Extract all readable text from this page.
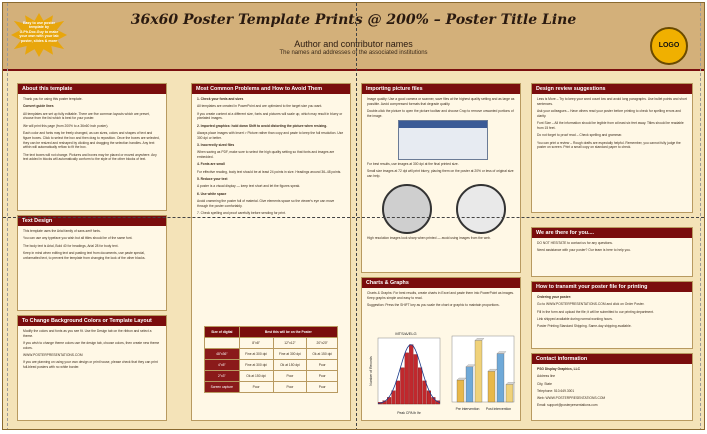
Easy to use poster template by G.Ph.Doc.Guy to make your own with your lab poster, slides & more
36x60 Poster Template Prints @ 200% – Poster Title Line
Author and contributor names
The names and addresses of the associated institutions
LOGO
About this template

Thank you for using this poster template.

Convert guide lines

All templates are set up fully editable. There are five common layouts which are preset, choose from the list which is best for your poster.

We will print this page (from 200% to a 36x60 inch poster).

Each color and fonts may be freely changed, as can sizes, colors and shapes of text and figure boxes. Click to select the box and then drag to reposition. Once the boxes are selected, they can be resized and reshaped by clicking and dragging the selection handles. Any text within will automatically reflow to fit the box.

The text boxes will not change. Pictures and boxes may be placed or moved anywhere. Any text added in blocks will automatically conform to the style of the other blocks of text.

Text Design

This template uses the Arial family of sans-serif fonts.

You can use any typeface you wish but all titles should be of the same font.

The body text is Arial, Bold 40 for headings, Arial 28 for body text.

Keep in mind when editing text and pasting text from documents, use paste special, unformatted text, to prevent the template from changing the look of the other blocks.

To Change Background Colors or Template Layout

Modify the colors and fonts as you see fit. Use the Design tab on the ribbon and select a theme.

If you wish to change theme colors use the design tab, choose colors, then create new theme colors.

WWW.POSTERPRESENTATIONS.COM

If you are planning on using your own design or print house, please check that they can print full-bleed posters with no white border.

Most Common Problems and How to Avoid Them

1. Check your fonts and sizes

All templates are created in PowerPoint and are optimized to the target size you want.

If you create content at a different size, fonts and pictures will scale up, which may result in blurry or pixelated images.

2. Imported graphics: hold down Shift to avoid distorting the picture when resizing.

Always place images with Insert > Picture rather than copy and paste to keep the full resolution. Use 300 dpi or better.

3. Incorrectly sized files

When saving as PDF, make sure to select the high quality setting so that fonts and images are embedded.

4. Fonts are small

For effective reading, body text should be at least 24 points in size. Headings around 36–48 points.

5. Reduce your text

A poster is a visual display — keep text short and let the figures speak.

6. Use white space

Avoid cramming the poster full of material. Give elements space so the viewer's eye can move through the poster comfortably.

7. Check spelling and proof carefully before sending for print.

Size of digital	Best this will be on the Poster		
	8"x8"	12"x12"	20"x20"
48"x36"	Fine at 300 dpi	Fine at 300 dpi	Ok at 150 dpi
4"x5"	Fine at 300 dpi	Ok at 150 dpi	Poor
2"x3"	Ok at 150 dpi	Poor	Poor
Screen capture	Poor	Poor	Poor
Importing picture files

Image quality: Use a good camera or scanner, save files at the highest quality setting and as large as possible. Avoid compressed formats that degrade quality.

Double-click the picture to open the picture toolbar and choose Crop to remove unwanted portions of the image.

For best results, use images at 300 dpi at the final printed size.

Small size images at 72 dpi will print blurry; placing them on the poster at 20% or less of original size can help.

High resolution images look sharp when printed — avoid using images from the web.

Charts & Graphs

Charts & Graphs: For best results, create charts in Excel and paste them into PowerPoint as images. Keep graphs simple and easy to read.

Suggestion: Press the SHIFT key as you scale the chart or graphic to maintain proportions.

MTS/A/ELG
Number of Records
Peak CPA lb lhr
Pre intervention Post intervention
Design review suggestions

Less is More – Try to keep your word count low and avoid long paragraphs. Use bullet points and short sentences.

Ask your colleagues – Have others read your poster before printing to check for spelling errors and clarity.

Font Size – All the information should be legible from at least six feet away. Titles should be readable from 15 feet.

Do not forget to proof read – Check spelling and grammar.

You can print a review – Rough drafts are especially helpful. Remember, you cannot fully judge the poster on screen. Print a small copy on standard paper to check.

We are there for you....

DO NOT HESITATE to contact us for any questions.

Need assistance with your poster? Our team is here to help you.

How to transmit your poster file for printing

Ordering your poster:

Go to WWW.POSTERPRESENTATIONS.COM and click on Order Poster.

Fill in the form and upload the file; it will be submitted to our printing department.

Link shipped available during normal working hours.

Poster Printing Standard Shipping. Same-day shipping available.

Contact information

PSG Display Graphics, LLC

Address line

City, State

Telephone: 510.649.3001

Web: WWW.POSTERPRESENTATIONS.COM

Email: support@posterpresentations.com
